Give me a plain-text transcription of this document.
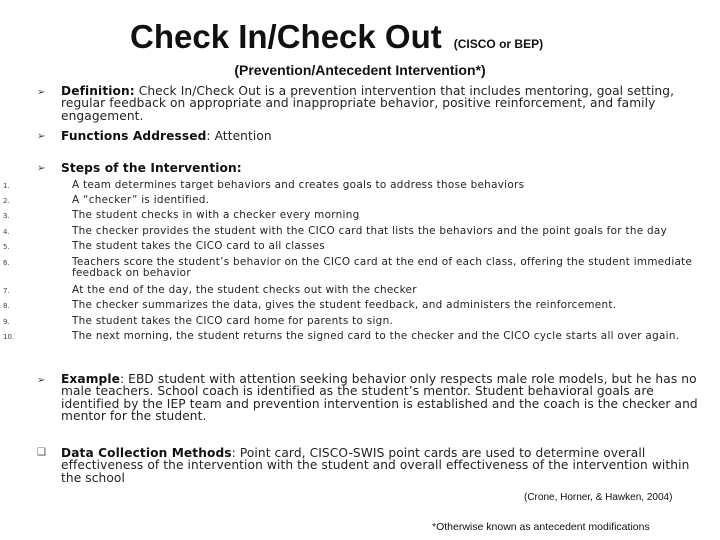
Check In/Check Out (CISCO or BEP)
(Prevention/Antecedent Intervention*)
➢ Definition: Check In/Check Out is a prevention intervention that includes mentoring, goal setting, regular feedback on appropriate and inappropriate behavior, positive reinforcement, and family engagement.
➢ Functions Addressed: Attention
➢ Steps of the Intervention:
1.	A team determines target behaviors and creates goals to address those behaviors
2.	A “checker” is identified.
3.	The student checks in with a checker every morning
4.	The checker provides the student with the CICO card that lists the behaviors and the point goals for the day
5.	The student takes the CICO card to all classes
6.	Teachers score the student’s behavior on the CICO card at the end of each class, offering the student immediate feedback on behavior
7.	At the end of the day, the student checks out with the checker
8.	The checker summarizes the data, gives the student feedback, and administers the reinforcement.
9.	The student takes the CICO card home for parents to sign.
10.	The next morning, the student returns the signed card to the checker and the CICO cycle starts all over again.
➢ Example: EBD student with attention seeking behavior only respects male role models, but he has no male teachers. School coach is identified as the student’s mentor. Student behavioral goals are identified by the IEP team and prevention intervention is established and the coach is the checker and mentor for the student.
❑ Data Collection Methods: Point card, CISCO-SWIS point cards are used to determine overall effectiveness of the intervention with the student and overall effectiveness of the intervention within the school
(Crone, Horner, & Hawken, 2004)
*Otherwise known as antecedent modifications
